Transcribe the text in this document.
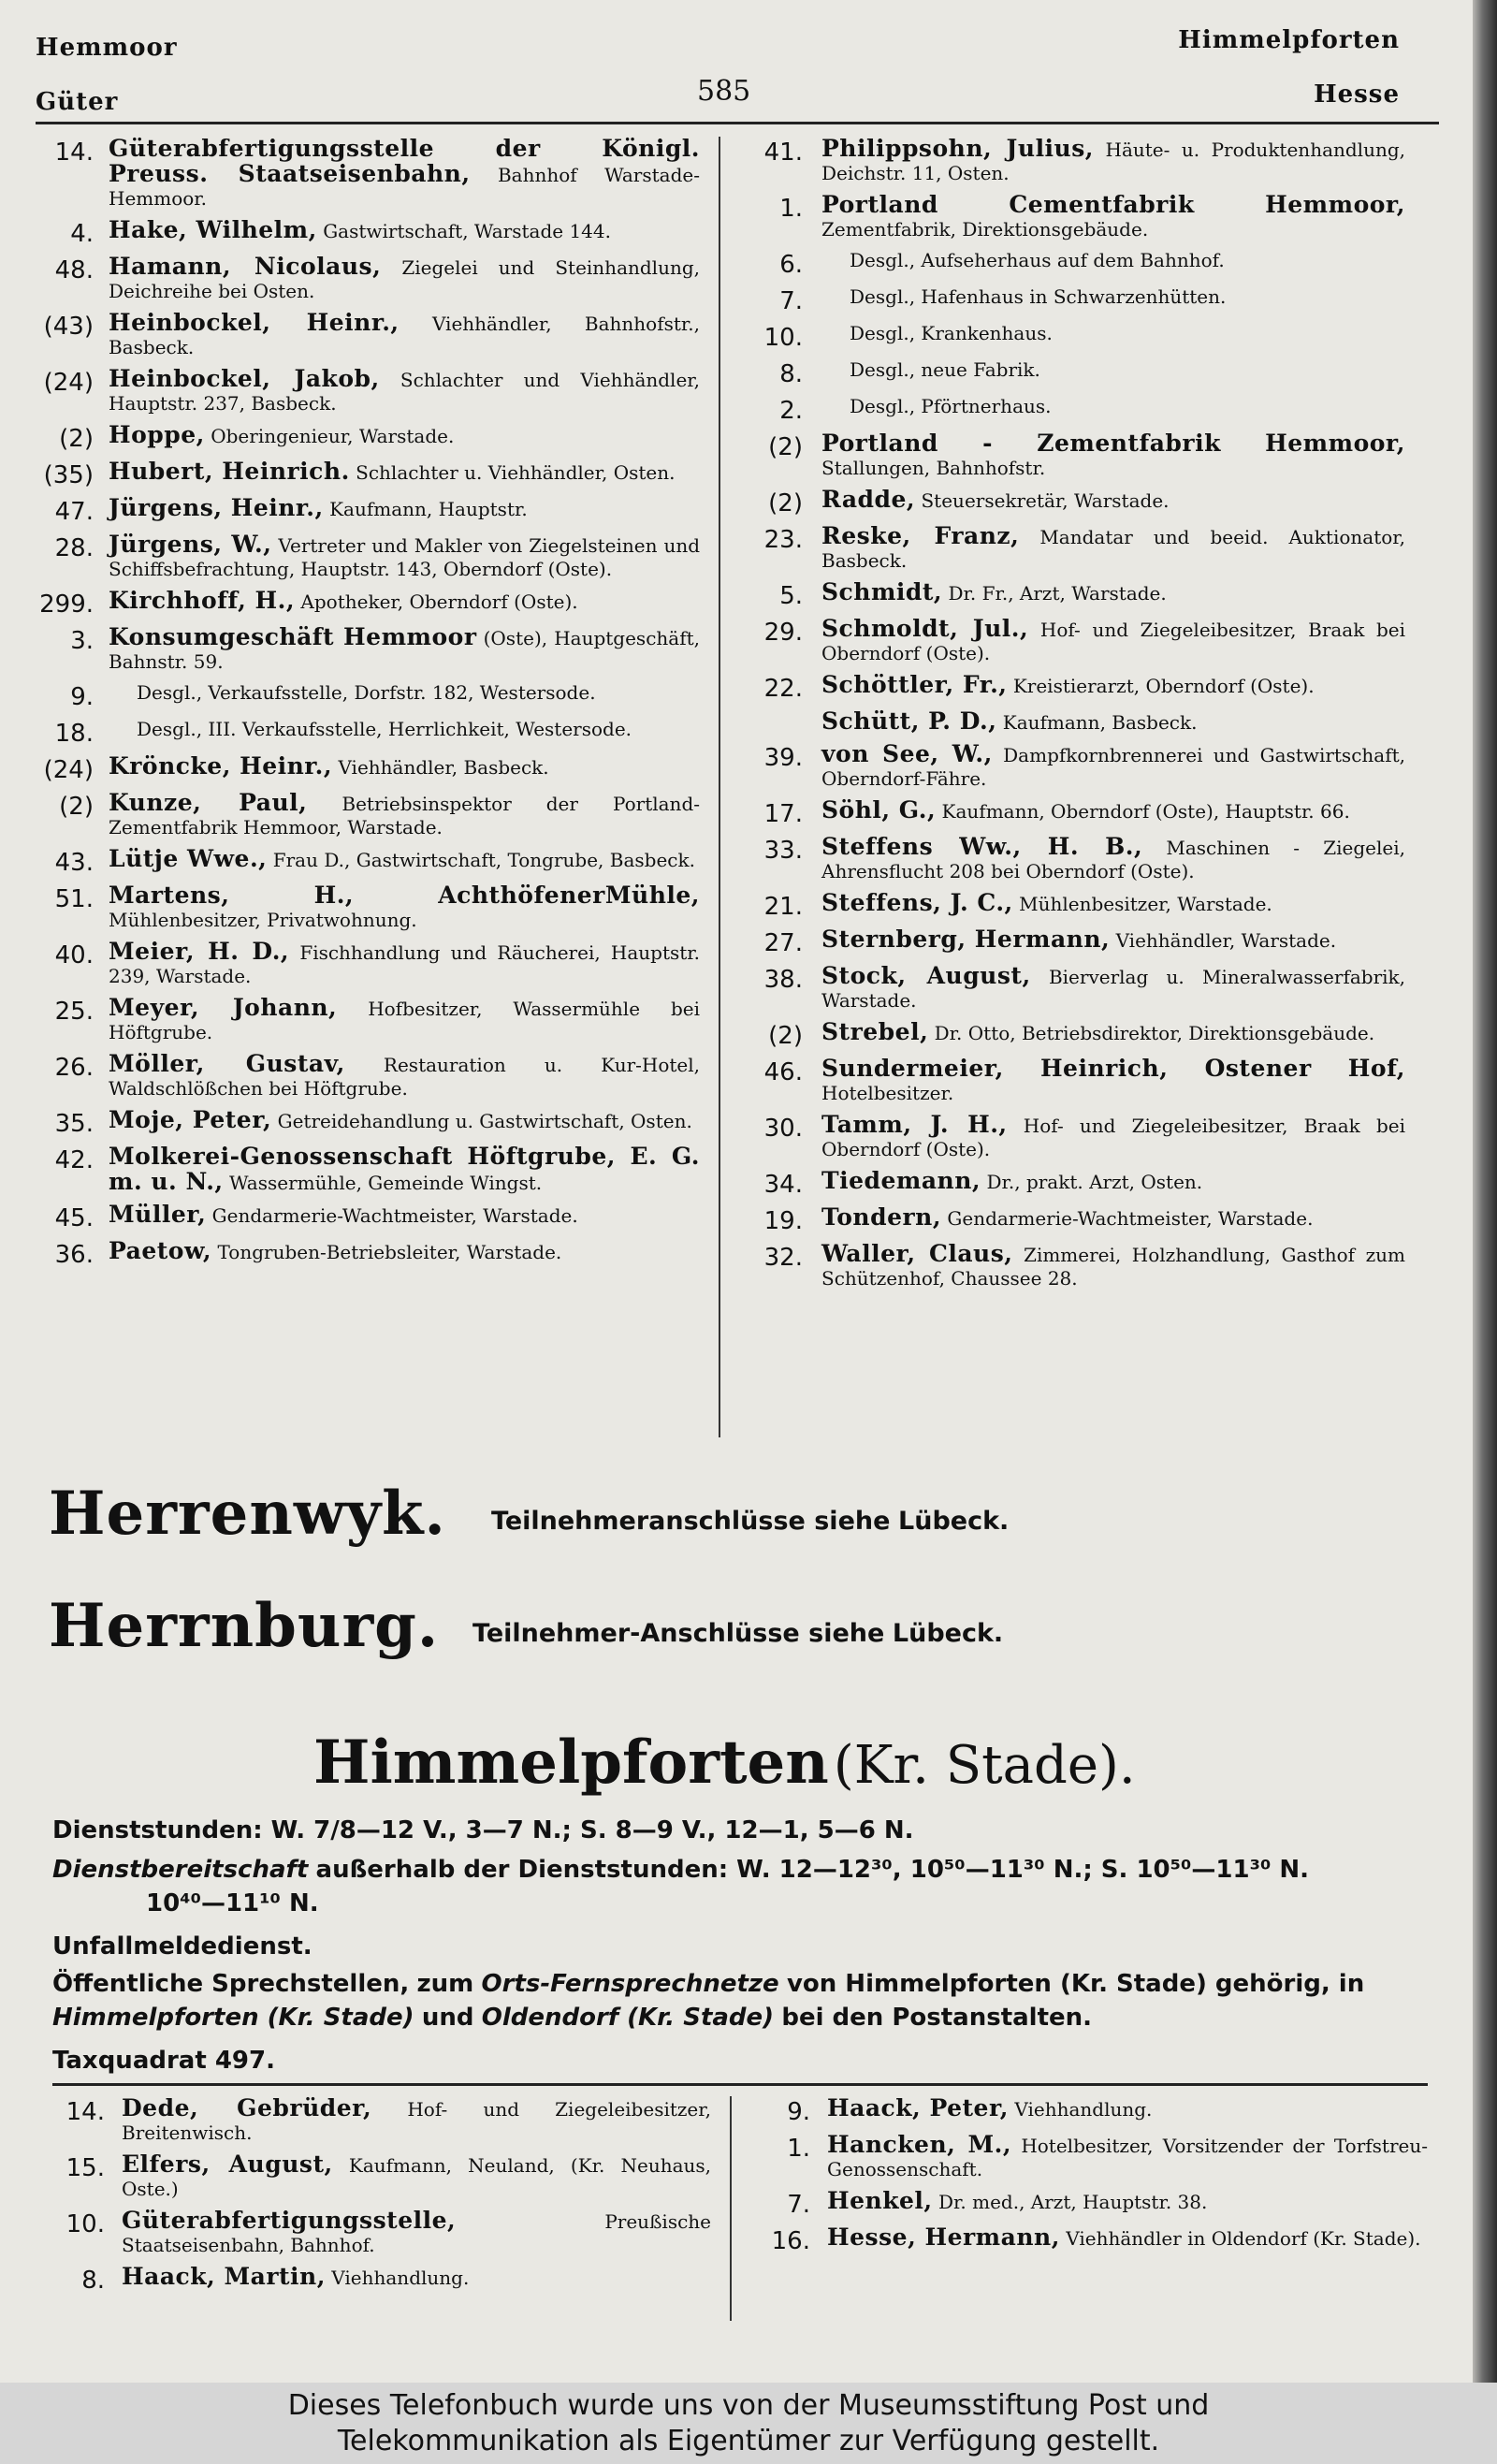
Hemmoor
Güter	585
Himmelpforten
Hesse
14. Güterabfertigungsstelle der Königl. Preuss. Staatseisenbahn, Bahnhof Warstade-Hemmoor.
4. Hake, Wilhelm, Gastwirtschaft, Warstade 144.
48. Hamann, Nicolaus, Ziegelei und Steinhandlung, Deichreihe bei Osten.
(43) Heinbockel, Heinr., Viehhändler, Bahnhofstr., Basbeck.
(24) Heinbockel, Jakob, Schlachter und Viehhändler, Hauptstr. 237, Basbeck.
(2) Hoppe, Oberingenieur, Warstade.
(35) Hubert, Heinrich. Schlachter u. Viehhändler, Osten.
47. Jürgens, Heinr., Kaufmann, Hauptstr.
28. Jürgens, W., Vertreter und Makler von Ziegelsteinen und Schiffsbefrachtung, Hauptstr. 143, Oberndorf (Oste).
299. Kirchhoff, H., Apotheker, Oberndorf (Oste).
3. Konsumgeschäft Hemmoor (Oste), Hauptgeschäft, Bahnstr. 59.
9.	Desgl., Verkaufsstelle, Dorfstr. 182, Westersode.
18.	Desgl., III. Verkaufsstelle, Herrlichkeit, Westersode.
(24) Kröncke, Heinr., Viehhändler, Basbeck.
(2) Kunze, Paul, Betriebsinspektor der Portland-Zementfabrik Hemmoor, Warstade.
43. Lütje Wwe., Frau D., Gastwirtschaft, Tongrube, Basbeck.
51. Martens, H., AchthöfenerMühle, Mühlenbesitzer, Privatwohnung.
40. Meier, H. D., Fischhandlung und Räucherei, Hauptstr. 239, Warstade.
25. Meyer, Johann, Hofbesitzer, Wassermühle bei Höftgrube.
26. Möller, Gustav, Restauration u. Kur-Hotel, Waldschlößchen bei Höftgrube.
35. Moje, Peter, Getreidehandlung u. Gastwirtschaft, Osten.
42. Molkerei-Genossenschaft Höftgrube, E. G. m. u. N., Wassermühle, Gemeinde Wingst.
45. Müller, Gendarmerie-Wachtmeister, Warstade.
36. Paetow, Tongruben-Betriebsleiter, Warstade.
41. Philippsohn, Julius, Häute- u. Produktenhandlung, Deichstr. 11, Osten.
1. Portland Cementfabrik Hemmoor, Zementfabrik, Direktionsgebäude.
6.	Desgl., Aufseherhaus auf dem Bahnhof.
7.	Desgl., Hafenhaus in Schwarzenhütten.
10.	Desgl., Krankenhaus.
8.	Desgl., neue Fabrik.
2.	Desgl., Pförtnerhaus.
(2) Portland - Zementfabrik Hemmoor, Stallungen, Bahnhofstr.
(2) Radde, Steuersekretär, Warstade.
23. Reske, Franz, Mandatar und beeid. Auktionator, Basbeck.
5. Schmidt, Dr. Fr., Arzt, Warstade.
29. Schmoldt, Jul., Hof- und Ziegeleibesitzer, Braak bei Oberndorf (Oste).
22. Schöttler, Fr., Kreistierarzt, Oberndorf (Oste).
Schütt, P. D., Kaufmann, Basbeck.
39. von See, W., Dampfkornbrennerei und Gastwirtschaft, Oberndorf-Fähre.
17. Söhl, G., Kaufmann, Oberndorf (Oste), Hauptstr. 66.
33. Steffens Ww., H. B., Maschinen - Ziegelei, Ahrensflucht 208 bei Oberndorf (Oste).
21. Steffens, J. C., Mühlenbesitzer, Warstade.
27. Sternberg, Hermann, Viehhändler, Warstade.
38. Stock, August, Bierverlag u. Mineralwasserfabrik, Warstade.
(2) Strebel, Dr. Otto, Betriebsdirektor, Direktionsgebäude.
46. Sundermeier, Heinrich, Ostener Hof, Hotelbesitzer.
30. Tamm, J. H., Hof- und Ziegeleibesitzer, Braak bei Oberndorf (Oste).
34. Tiedemann, Dr., prakt. Arzt, Osten.
19. Tondern, Gendarmerie-Wachtmeister, Warstade.
32. Waller, Claus, Zimmerei, Holzhandlung, Gasthof zum Schützenhof, Chaussee 28.
Herrenwyk. Teilnehmeranschlüsse siehe Lübeck.
Herrnburg. Teilnehmer-Anschlüsse siehe Lübeck.
Himmelpforten (Kr. Stade).
Dienststunden: W. 7/8—12 V., 3—7 N.; S. 8—9 V., 12—1, 5—6 N.
Dienstbereitschaft außerhalb der Dienststunden: W. 12—12³⁰, 10⁵⁰—11³⁰ N.; S. 10⁵⁰—11³⁰ N.
10⁴⁰—11¹⁰ N.
Unfallmeldedienst.
Öffentliche Sprechstellen, zum Orts-Fernsprechnetze von Himmelpforten (Kr. Stade) gehörig, in Himmelpforten (Kr. Stade) und Oldendorf (Kr. Stade) bei den Postanstalten.
Taxquadrat 497.
14. Dede, Gebrüder, Hof- und Ziegeleibesitzer, Breitenwisch.
15. Elfers, August, Kaufmann, Neuland, (Kr. Neuhaus, Oste.)
10. Güterabfertigungsstelle,	Preußische Staatseisenbahn, Bahnhof.
8. Haack, Martin, Viehhandlung.
9. Haack, Peter, Viehhandlung.
1. Hancken, M., Hotelbesitzer, Vorsitzender der Torfstreu-Genossenschaft.
7. Henkel, Dr. med., Arzt, Hauptstr. 38.
16. Hesse, Hermann, Viehhändler in Oldendorf (Kr. Stade).
Dieses Telefonbuch wurde uns von der Museumsstiftung Post und
Telekommunikation als Eigentümer zur Verfügung gestellt.
